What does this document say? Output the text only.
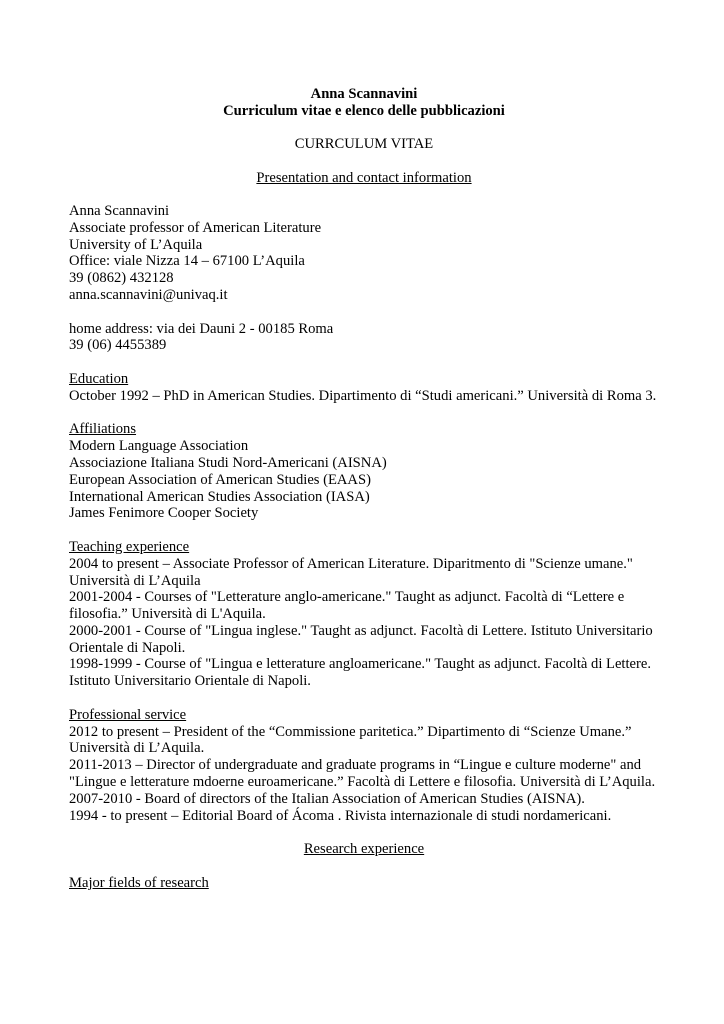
Anna Scannavini
Curriculum vitae e elenco delle pubblicazioni
CURRCULUM VITAE
Presentation and contact information
Anna Scannavini
Associate professor of American Literature
University of L’Aquila
Office: viale Nizza 14 – 67100 L’Aquila
39 (0862) 432128
anna.scannavini@univaq.it
home address: via dei Dauni 2 - 00185 Roma
39 (06) 4455389
Education
October 1992 – PhD in American Studies. Dipartimento di “Studi americani.” Università di Roma 3.
Affiliations
Modern Language Association
Associazione Italiana Studi Nord-Americani (AISNA)
European Association of American Studies (EAAS)
International American Studies Association (IASA)
James Fenimore Cooper Society
Teaching experience
2004 to present – Associate Professor of American Literature. Diparitmento di "Scienze umane." Università di L’Aquila
2001-2004 - Courses of "Letterature anglo-americane." Taught as adjunct. Facoltà di “Lettere e filosofia.” Università di L'Aquila.
2000-2001 - Course of "Lingua inglese." Taught as adjunct. Facoltà di Lettere. Istituto Universitario Orientale di Napoli.
1998-1999 - Course of "Lingua e letterature angloamericane." Taught as adjunct. Facoltà di Lettere. Istituto Universitario Orientale di Napoli.
Professional service
2012 to present – President of the “Commissione paritetica.” Dipartimento di “Scienze Umane.” Università di L’Aquila.
2011-2013 – Director of undergraduate and graduate programs in “Lingue e culture moderne" and "Lingue e letterature mdoerne euroamericane.” Facoltà di Lettere e filosofia. Università di L’Aquila.
2007-2010 - Board of directors of the Italian Association of American Studies (AISNA).
1994 - to present – Editorial Board of Ácoma . Rivista internazionale di studi nordamericani.
Research experience
Major fields of research
